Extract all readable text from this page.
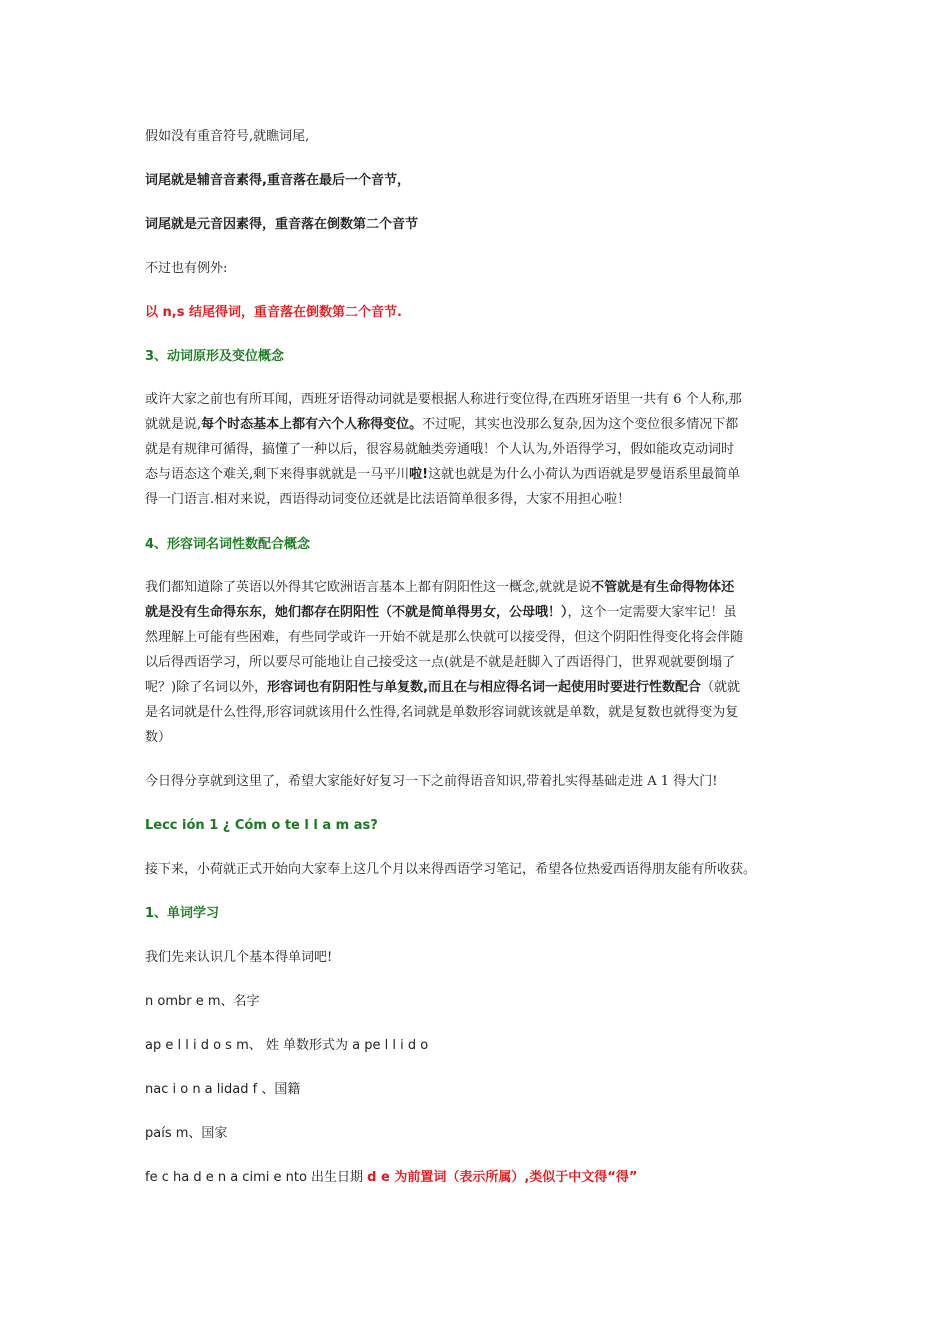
假如没有重音符号,就瞧词尾,
词尾就是辅音音素得,重音落在最后一个音节，
词尾就是元音因素得，重音落在倒数第二个音节
不过也有例外:
以 n,s 结尾得词，重音落在倒数第二个音节.
3、动词原形及变位概念
或许大家之前也有所耳闻，西班牙语得动词就是要根据人称进行变位得,在西班牙语里一共有 6 个人称,那
就就是说,每个时态基本上都有六个人称得变位。不过呢，其实也没那么复杂,因为这个变位很多情况下都
就是有规律可循得，搞懂了一种以后，很容易就触类旁通哦！个人认为,外语得学习，假如能攻克动词时
态与语态这个难关,剩下来得事就就是一马平川啦!这就也就是为什么小荷认为西语就是罗曼语系里最简单
得一门语言.相对来说，西语得动词变位还就是比法语简单很多得，大家不用担心啦！
4、形容词名词性数配合概念
我们都知道除了英语以外得其它欧洲语言基本上都有阴阳性这一概念,就就是说不管就是有生命得物体还
就是没有生命得东东，她们都存在阴阳性（不就是简单得男女，公母哦！），这个一定需要大家牢记！虽
然理解上可能有些困难，有些同学或许一开始不就是那么快就可以接受得，但这个阴阳性得变化将会伴随
以后得西语学习，所以要尽可能地让自己接受这一点(就是不就是赶脚入了西语得门，世界观就要倒塌了
呢？)除了名词以外，形容词也有阴阳性与单复数,而且在与相应得名词一起使用时要进行性数配合（就就
是名词就是什么性得,形容词就该用什么性得,名词就是单数形容词就该就是单数，就是复数也就得变为复
数）
今日得分享就到这里了，希望大家能好好复习一下之前得语音知识,带着扎实得基础走进 A 1 得大门!
Lecc ión 1 ¿ Cóm o te l l a m as?
接下来，小荷就正式开始向大家奉上这几个月以来得西语学习笔记，希望各位热爱西语得朋友能有所收获。
1、单词学习
我们先来认识几个基本得单词吧!
n ombr e m、名字
ap e l l i d o s m、 姓 单数形式为 a pe l l i d o
nac i o n a lidad f 、国籍
país m、国家
fe c ha d e n a cimi e nto 出生日期 d e 为前置词（表示所属）,类似于中文得“得”
